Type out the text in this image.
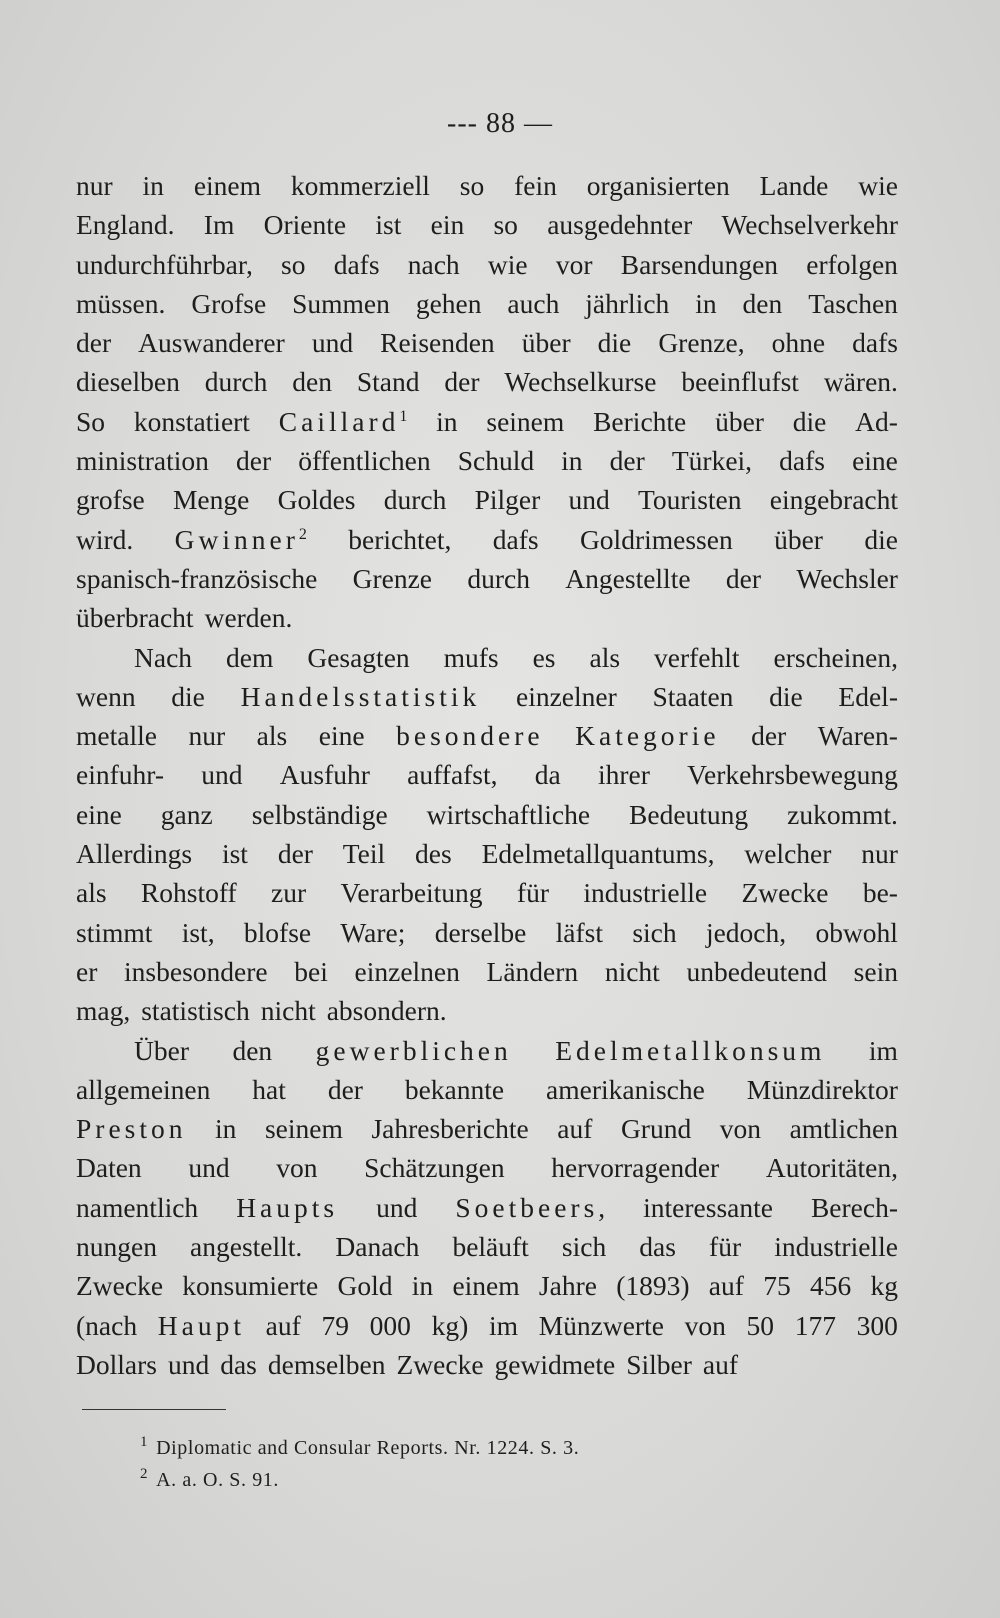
--- 88 —
nur in einem kommerziell so fein organisierten Lande wie
England. Im Oriente ist ein so ausgedehnter Wechselverkehr
undurchführbar, so dafs nach wie vor Barsendungen erfolgen
müssen. Grofse Summen gehen auch jährlich in den Taschen
der Auswanderer und Reisenden über die Grenze, ohne dafs
dieselben durch den Stand der Wechselkurse beeinflufst wären.
So konstatiert Caillard$^1$ in seinem Berichte über die Ad-
ministration der öffentlichen Schuld in der Türkei, dafs eine
grofse Menge Goldes durch Pilger und Touristen eingebracht
wird. Gwinner$^2$ berichtet, dafs Goldrimessen über die
spanisch-französische Grenze durch Angestellte der Wechsler
überbracht werden.
Nach dem Gesagten mufs es als verfehlt erscheinen,
wenn die Handelsstatistik einzelner Staaten die Edel-
metalle nur als eine besondere Kategorie der Waren-
einfuhr- und Ausfuhr auffafst, da ihrer Verkehrsbewegung
eine ganz selbständige wirtschaftliche Bedeutung zukommt.
Allerdings ist der Teil des Edelmetallquantums, welcher nur
als Rohstoff zur Verarbeitung für industrielle Zwecke be-
stimmt ist, blofse Ware; derselbe läfst sich jedoch, obwohl
er insbesondere bei einzelnen Ländern nicht unbedeutend sein
mag, statistisch nicht absondern.
Über den gewerblichen Edelmetallkonsum im
allgemeinen hat der bekannte amerikanische Münzdirektor
Preston in seinem Jahresberichte auf Grund von amtlichen
Daten und von Schätzungen hervorragender Autoritäten,
namentlich Haupts und Soetbeers, interessante Berech-
nungen angestellt. Danach beläuft sich das für industrielle
Zwecke konsumierte Gold in einem Jahre (1893) auf 75 456 kg
(nach Haupt auf 79 000 kg) im Münzwerte von 50 177 300
Dollars und das demselben Zwecke gewidmete Silber auf
$^1$ Diplomatic and Consular Reports. Nr. 1224. S. 3.
$^2$ A. a. O. S. 91.
